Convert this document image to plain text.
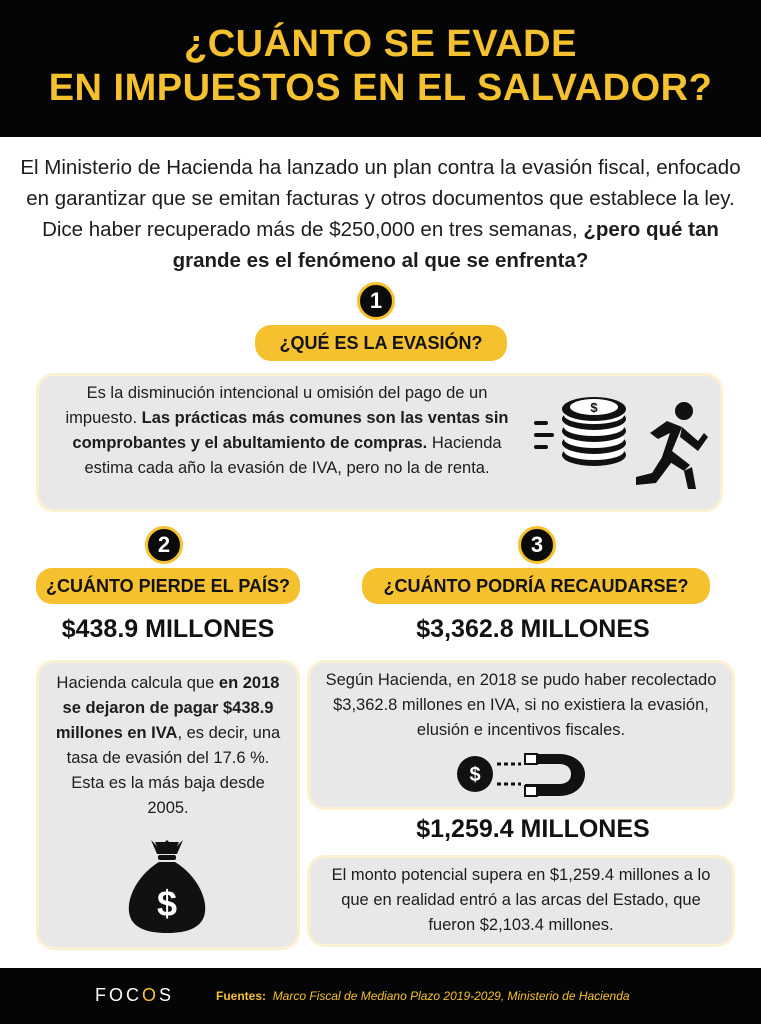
¿CUÁNTO SE EVADE
EN IMPUESTOS EN EL SALVADOR?

El Ministerio de Hacienda ha lanzado un plan contra la evasión fiscal, enfocado en garantizar que se emitan facturas y otros documentos que establece la ley. Dice haber recuperado más de $250,000 en tres semanas, ¿pero qué tan grande es el fenómeno al que se enfrenta?

1
¿QUÉ ES LA EVASIÓN?

Es la disminución intencional u omisión del pago de un impuesto. Las prácticas más comunes son las ventas sin comprobantes y el abultamiento de compras. Hacienda estima cada año la evasión de IVA, pero no la de renta.

$
2
¿CUÁNTO PIERDE EL PAÍS?
$438.9 MILLONES

Hacienda calcula que en 2018 se dejaron de pagar $438.9 millones en IVA, es decir, una tasa de evasión del 17.6 %. Esta es la más baja desde 2005.

$
3
¿CUÁNTO PODRÍA RECAUDARSE?
$3,362.8 MILLONES

Según Hacienda, en 2018 se pudo haber recolectado $3,362.8 millones en IVA, si no existiera la evasión, elusión e incentivos fiscales.

$
$1,259.4 MILLONES

El monto potencial supera en $1,259.4 millones a lo que en realidad entró a las arcas del Estado, que fueron $2,103.4 millones.

FOCOS	Fuentes: Marco Fiscal de Mediano Plazo 2019-2029, Ministerio de Hacienda
